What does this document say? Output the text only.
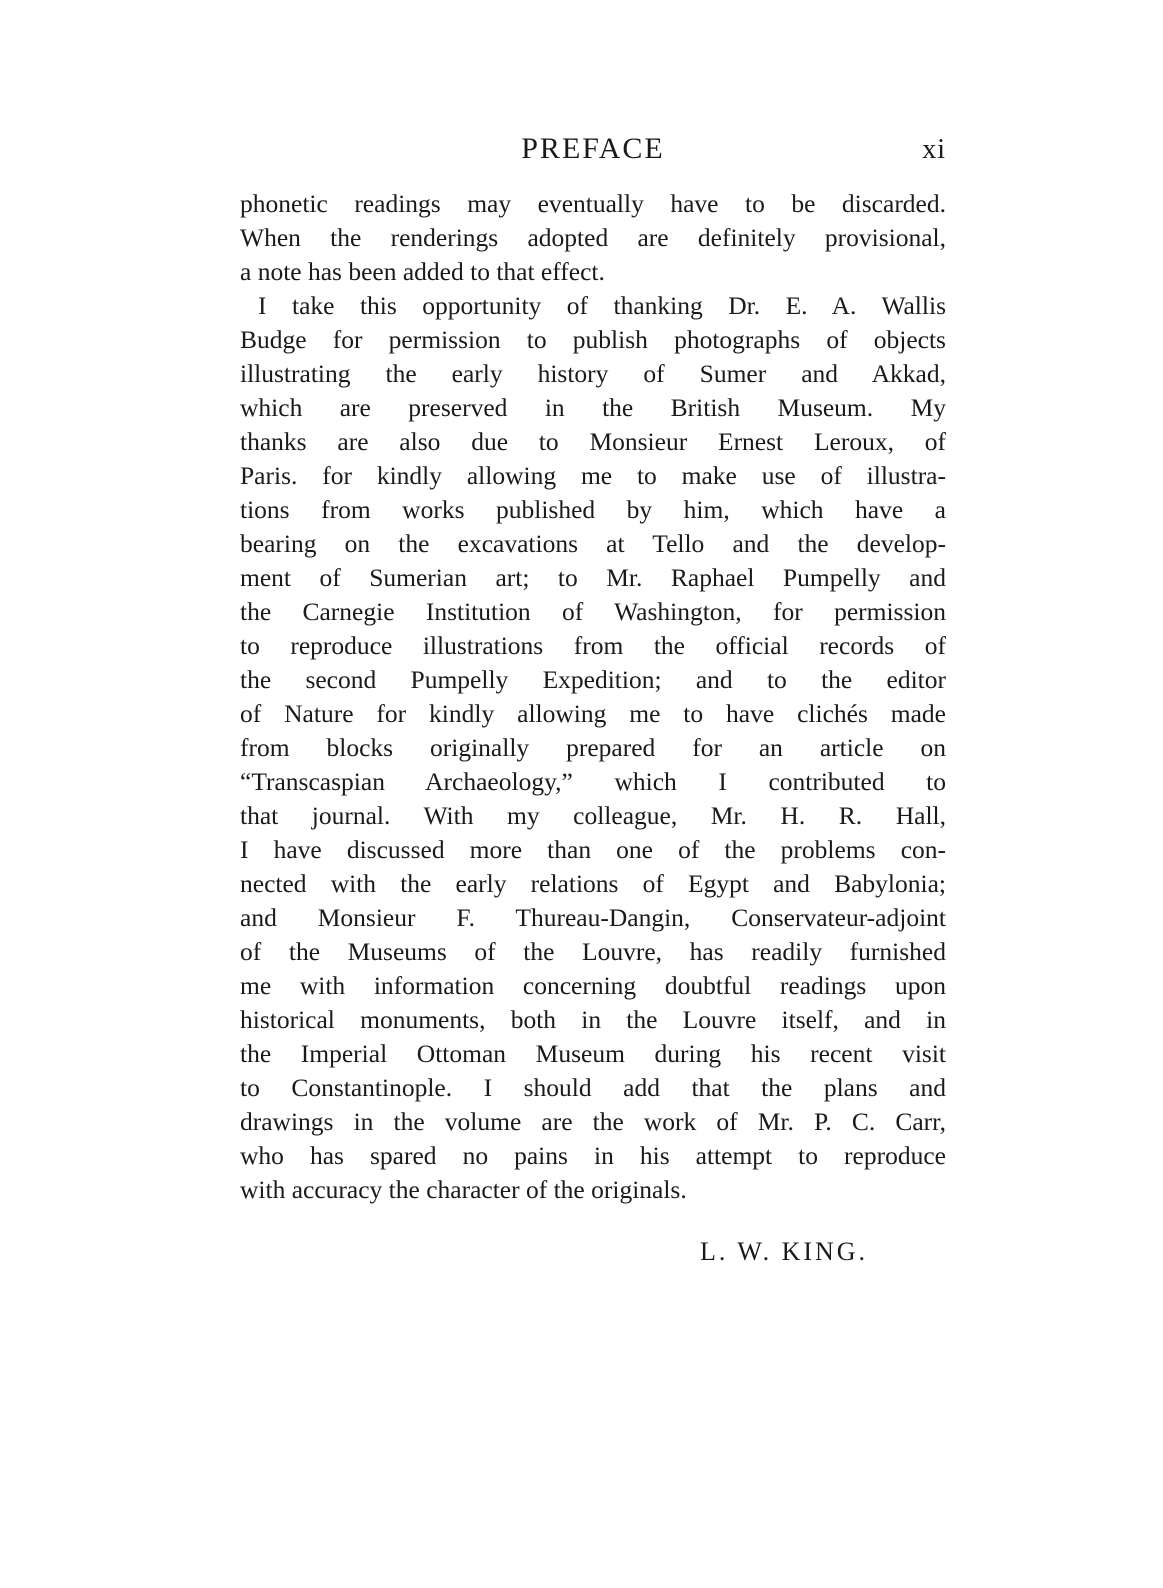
PREFACE	xi
phonetic readings may eventually have to be discarded.
When the renderings adopted are definitely provisional,
a note has been added to that effect.
I take this opportunity of thanking Dr. E. A. Wallis
Budge for permission to publish photographs of objects
illustrating the early history of Sumer and Akkad,
which are preserved in the British Museum. My
thanks are also due to Monsieur Ernest Leroux, of
Paris. for kindly allowing me to make use of illustra-
tions from works published by him, which have a
bearing on the excavations at Tello and the develop-
ment of Sumerian art; to Mr. Raphael Pumpelly and
the Carnegie Institution of Washington, for permission
to reproduce illustrations from the official records of
the second Pumpelly Expedition; and to the editor
of Nature for kindly allowing me to have clichés made
from blocks originally prepared for an article on
“Transcaspian Archaeology,” which I contributed to
that journal. With my colleague, Mr. H. R. Hall,
I have discussed more than one of the problems con-
nected with the early relations of Egypt and Babylonia;
and Monsieur F. Thureau-Dangin, Conservateur-adjoint
of the Museums of the Louvre, has readily furnished
me with information concerning doubtful readings upon
historical monuments, both in the Louvre itself, and in
the Imperial Ottoman Museum during his recent visit
to Constantinople. I should add that the plans and
drawings in the volume are the work of Mr. P. C. Carr,
who has spared no pains in his attempt to reproduce
with accuracy the character of the originals.
L. W. KING.
